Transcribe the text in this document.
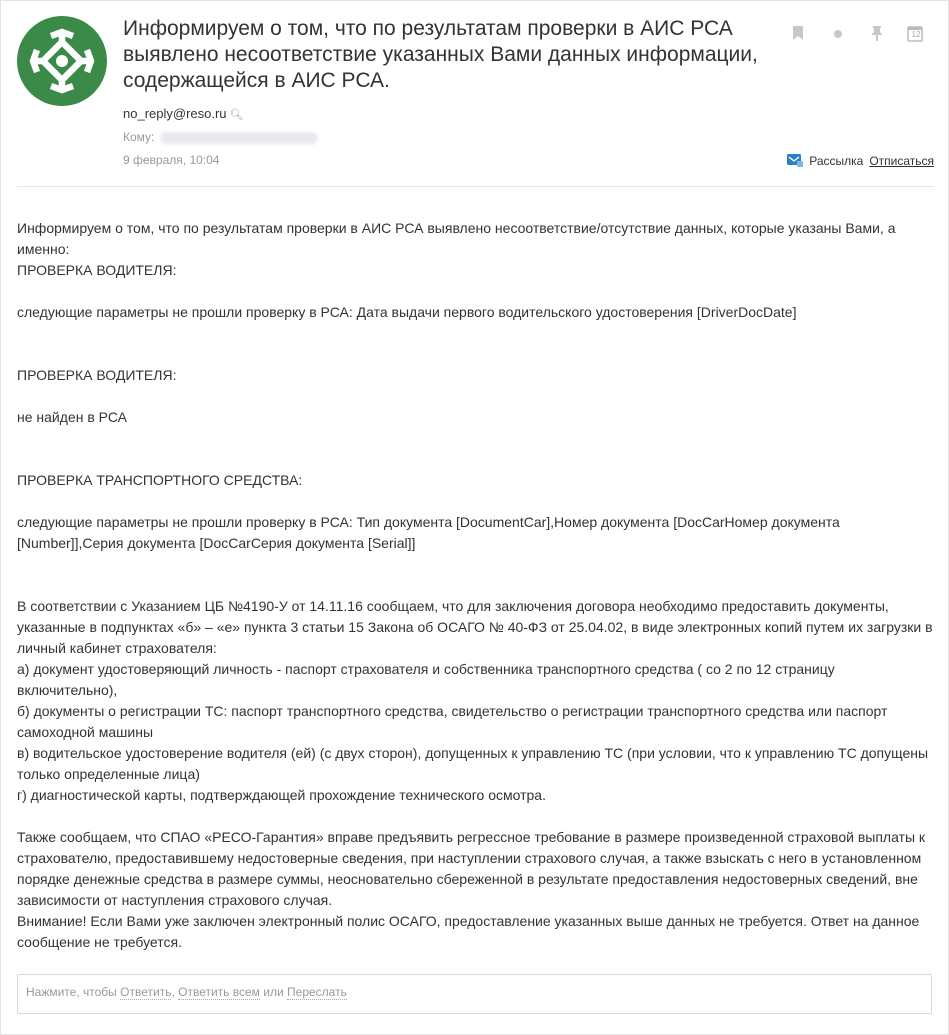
Информируем о том, что по результатам проверки в АИС РСА выявлено несоответствие указанных Вами данных информации, содержащейся в АИС РСА.
12
no_reply@reso.ru 🔍︎
Кому:
9 февраля, 10:04	Рассылка Отписаться

Информируем о том, что по результатам проверки в АИС РСА выявлено несоответствие/отсутствие данных, которые указаны Вами, а именно:

ПРОВЕРКА ВОДИТЕЛЯ:

следующие параметры не прошли проверку в РСА: Дата выдачи первого водительского удостоверения [DriverDocDate]

ПРОВЕРКА ВОДИТЕЛЯ:

не найден в РСА

ПРОВЕРКА ТРАНСПОРТНОГО СРЕДСТВА:

следующие параметры не прошли проверку в РСА: Тип документа [DocumentCar],Номер документа [DocCarНомер документа [Number]],Серия документа [DocCarСерия документа [Serial]]

В соответствии с Указанием ЦБ №4190-У от 14.11.16 сообщаем, что для заключения договора необходимо предоставить документы, указанные в подпунктах «б» – «е» пункта 3 статьи 15 Закона об ОСАГО № 40-ФЗ от 25.04.02, в виде электронных копий путем их загрузки в личный кабинет страхователя:

а) документ удостоверяющий личность - паспорт страхователя и собственника транспортного средства ( со 2 по 12 страницу включительно),

б) документы о регистрации ТС: паспорт транспортного средства, свидетельство о регистрации транспортного средства или паспорт самоходной машины

в) водительское удостоверение водителя (ей) (с двух сторон), допущенных к управлению ТС (при условии, что к управлению ТС допущены только определенные лица)

г) диагностической карты, подтверждающей прохождение технического осмотра.

Также сообщаем, что СПАО «РЕСО-Гарантия» вправе предъявить регрессное требование в размере произведенной страховой выплаты к страхователю, предоставившему недостоверные сведения, при наступлении страхового случая, а также взыскать с него в установленном порядке денежные средства в размере суммы, неосновательно сбереженной в результате предоставления недостоверных сведений, вне зависимости от наступления страхового случая.

Внимание! Если Вами уже заключен электронный полис ОСАГО, предоставление указанных выше данных не требуется. Ответ на данное сообщение не требуется.

Нажмите, чтобы Ответить, Ответить всем или Переслать
